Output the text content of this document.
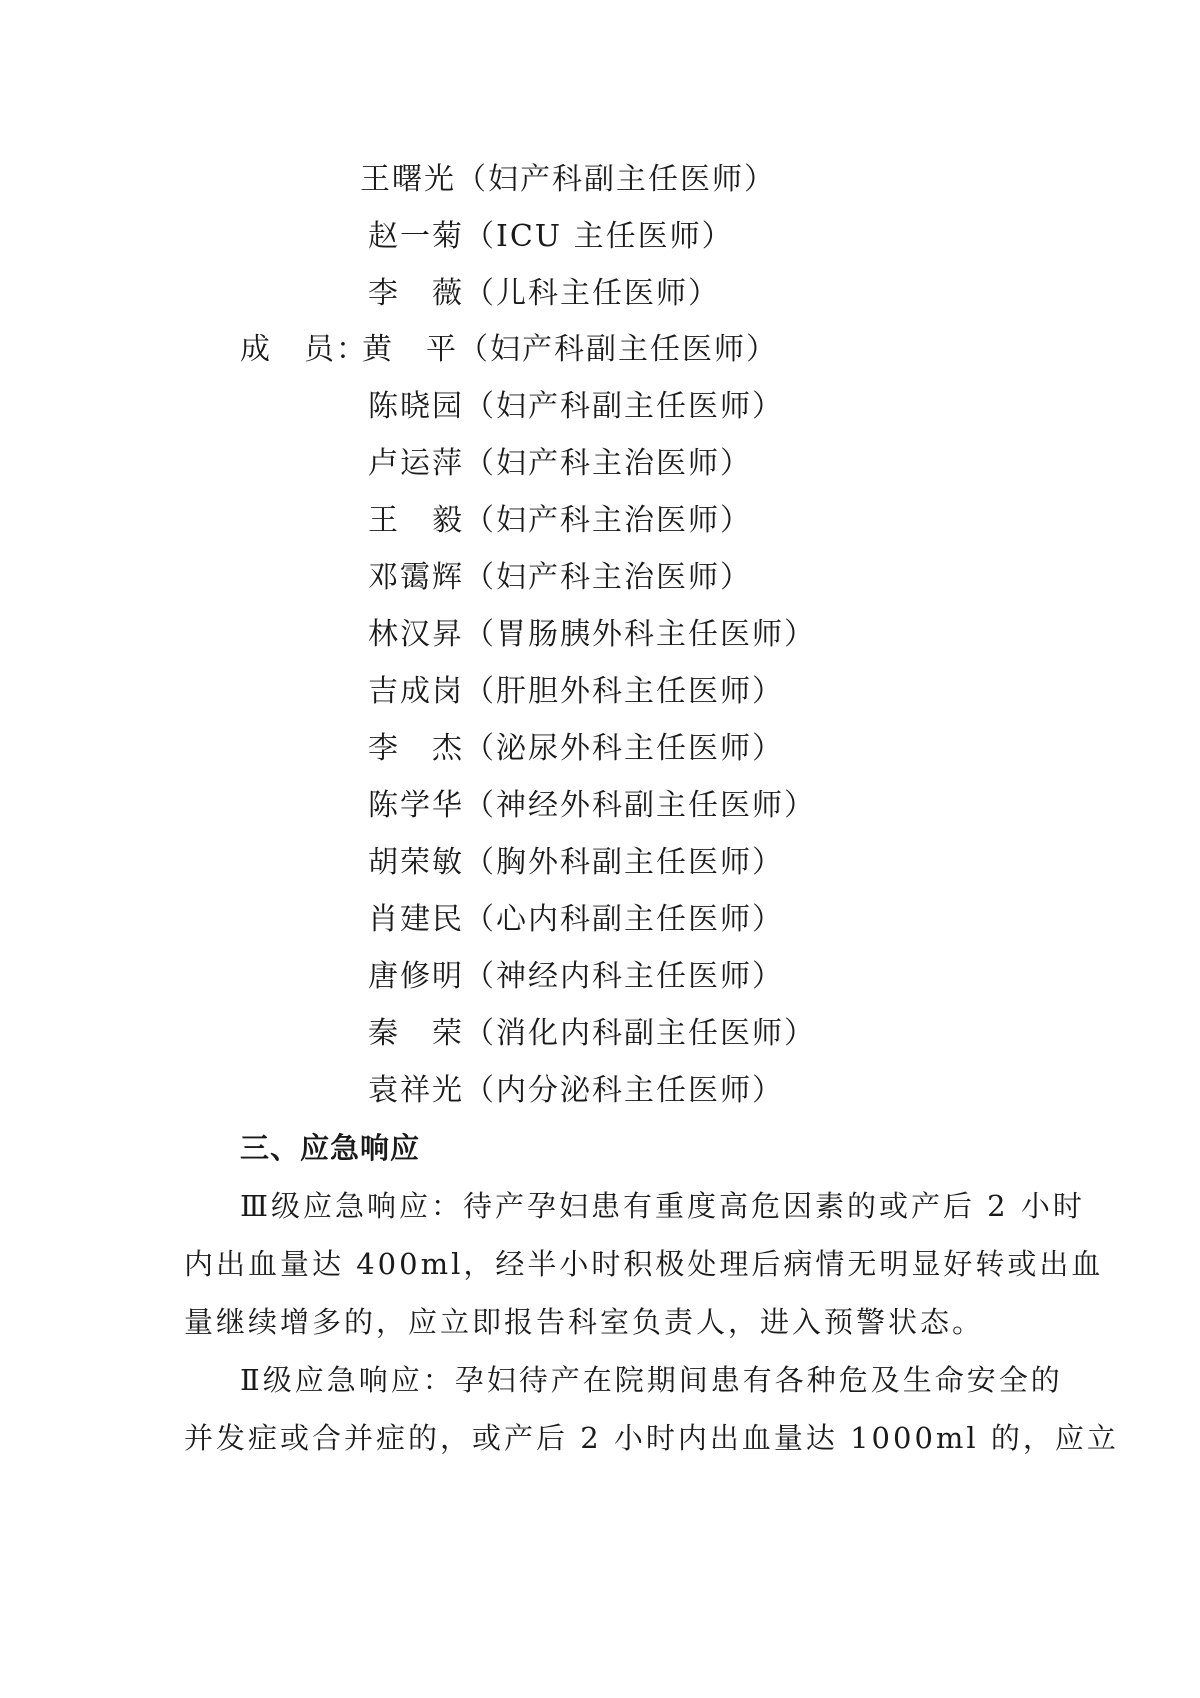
王曙光（妇产科副主任医师）
赵一菊（ICU 主任医师）
李　薇（儿科主任医师）
成　员：
黄　平（妇产科副主任医师）
陈晓园（妇产科副主任医师）
卢运萍（妇产科主治医师）
王　毅（妇产科主治医师）
邓霭辉（妇产科主治医师）
林汉昇（胃肠胰外科主任医师）
吉成岗（肝胆外科主任医师）
李　杰（泌尿外科主任医师）
陈学华（神经外科副主任医师）
胡荣敏（胸外科副主任医师）
肖建民（心内科副主任医师）
唐修明（神经内科主任医师）
秦　荣（消化内科副主任医师）
袁祥光（内分泌科主任医师）
三、应急响应
Ⅲ级应急响应：待产孕妇患有重度高危因素的或产后 2 小时
内出血量达 400ml，经半小时积极处理后病情无明显好转或出血
量继续增多的，应立即报告科室负责人，进入预警状态。
Ⅱ级应急响应：孕妇待产在院期间患有各种危及生命安全的
并发症或合并症的，或产后 2 小时内出血量达 1000ml 的，应立
